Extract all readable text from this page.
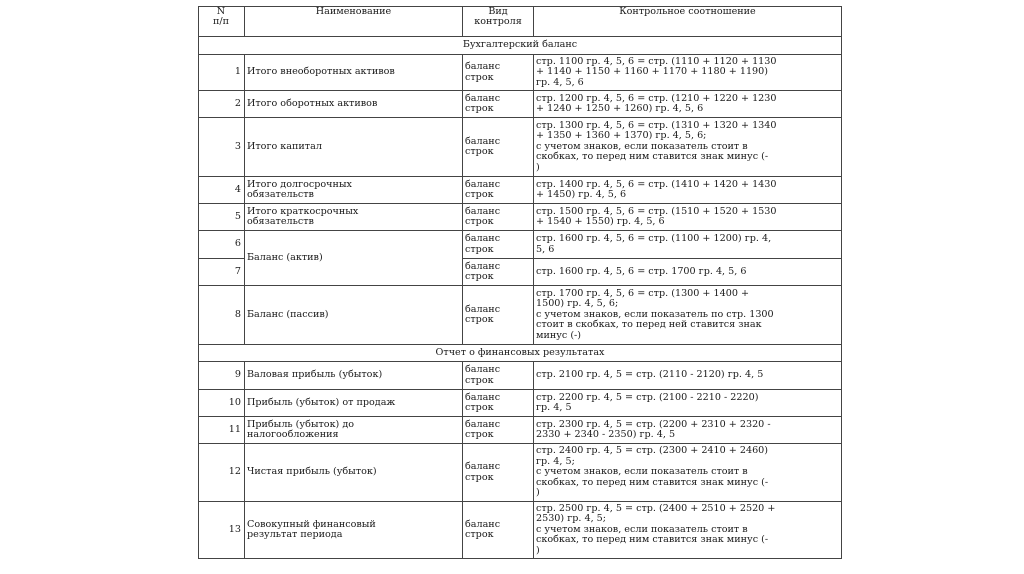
N
п/п	Наименование	Вид
контроля	Контрольное соотношение
Бухгалтерский баланс			
1	Итого внеоборотных активов	баланс
строк	стр. 1100 гр. 4, 5, 6 = стр. (1110 + 1120 + 1130
+ 1140 + 1150 + 1160 + 1170 + 1180 + 1190)
гр. 4, 5, 6
2	Итого оборотных активов	баланс
строк	стр. 1200 гр. 4, 5, 6 = стр. (1210 + 1220 + 1230
+ 1240 + 1250 + 1260) гр. 4, 5, 6
3	Итого капитал	баланс
строк	стр. 1300 гр. 4, 5, 6 = стр. (1310 + 1320 + 1340
+ 1350 + 1360 + 1370) гр. 4, 5, 6;
с учетом знаков, если показатель стоит в
скобках, то перед ним ставится знак минус (-
)
4	Итого долгосрочных
обязательств	баланс
строк	стр. 1400 гр. 4, 5, 6 = стр. (1410 + 1420 + 1430
+ 1450) гр. 4, 5, 6
5	Итого краткосрочных
обязательств	баланс
строк	стр. 1500 гр. 4, 5, 6 = стр. (1510 + 1520 + 1530
+ 1540 + 1550) гр. 4, 5, 6
6	Баланс (актив)	баланс
строк	стр. 1600 гр. 4, 5, 6 = стр. (1100 + 1200) гр. 4,
5, 6
7		баланс
строк	стр. 1600 гр. 4, 5, 6 = стр. 1700 гр. 4, 5, 6
8	Баланс (пассив)	баланс
строк	стр. 1700 гр. 4, 5, 6 = стр. (1300 + 1400 +
1500) гр. 4, 5, 6;
с учетом знаков, если показатель по стр. 1300
стоит в скобках, то перед ней ставится знак
минус (-)
Отчет о финансовых результатах			
9	Валовая прибыль (убыток)	баланс
строк	стр. 2100 гр. 4, 5 = стр. (2110 - 2120) гр. 4, 5
10	Прибыль (убыток) от продаж	баланс
строк	стр. 2200 гр. 4, 5 = стр. (2100 - 2210 - 2220)
гр. 4, 5
11	Прибыль (убыток) до
налогообложения	баланс
строк	стр. 2300 гр. 4, 5 = стр. (2200 + 2310 + 2320 -
2330 + 2340 - 2350) гр. 4, 5
12	Чистая прибыль (убыток)	баланс
строк	стр. 2400 гр. 4, 5 = стр. (2300 + 2410 + 2460)
гр. 4, 5;
с учетом знаков, если показатель стоит в
скобках, то перед ним ставится знак минус (-
)
13	Совокупный финансовый
результат периода	баланс
строк	стр. 2500 гр. 4, 5 = стр. (2400 + 2510 + 2520 +
2530) гр. 4, 5;
с учетом знаков, если показатель стоит в
скобках, то перед ним ставится знак минус (-
)
